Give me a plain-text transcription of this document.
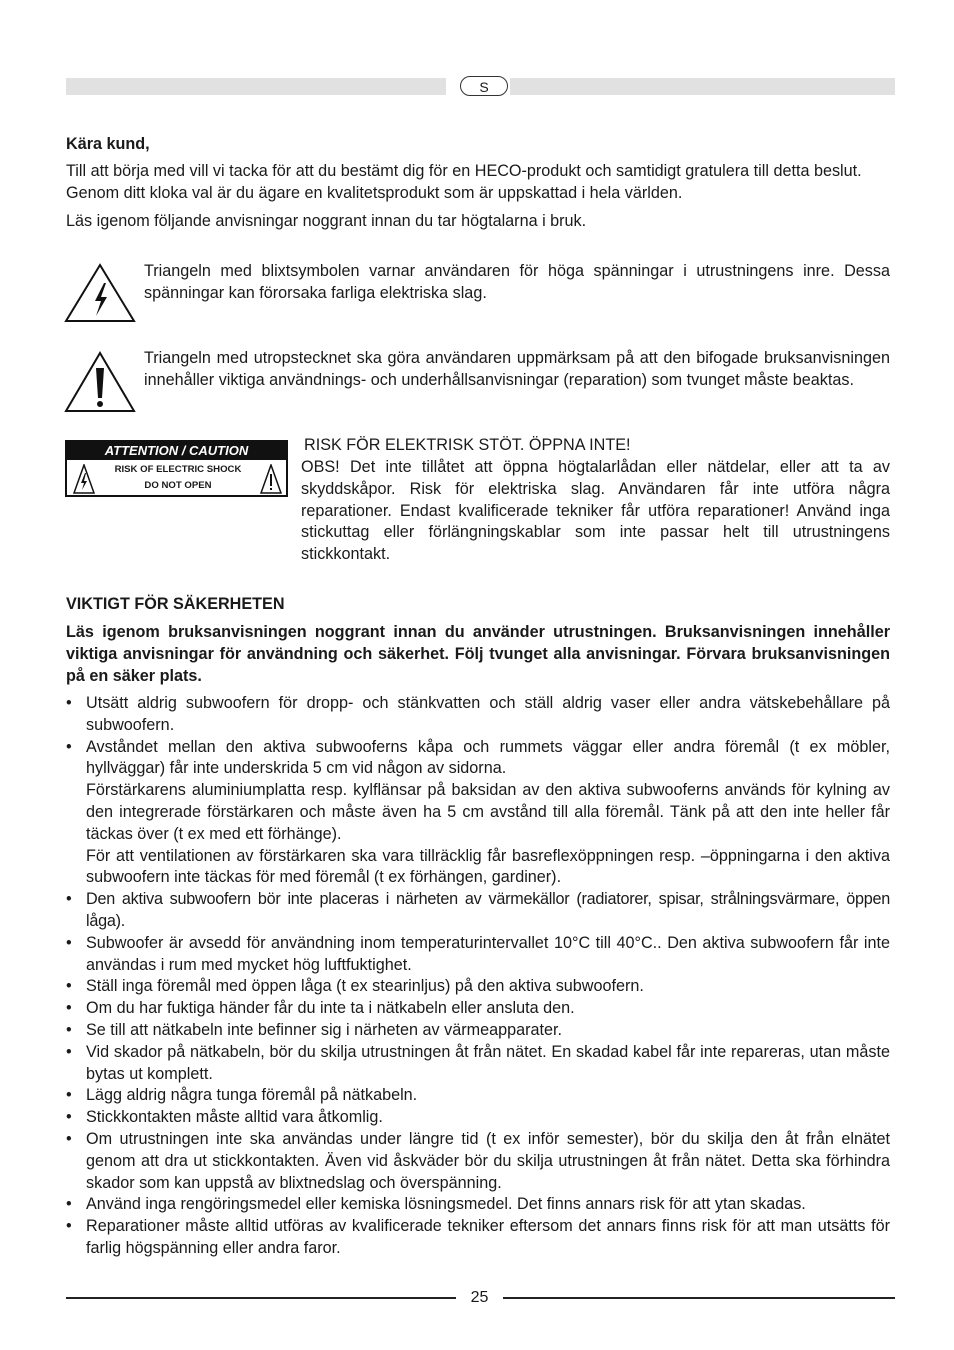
S

Kära kund,

Till att börja med vill vi tacka för att du bestämt dig för en HECO-produkt och samtidigt gratulera till detta beslut. Genom ditt kloka val är du ägare en kvalitetsprodukt som är uppskattad i hela världen.

Läs igenom följande anvisningar noggrant innan du tar högtalarna i bruk.

Triangeln med blixtsymbolen varnar användaren för höga spänningar i utrustningens inre. Dessa spänningar kan förorsaka farliga elektriska slag.

Triangeln med utropstecknet ska göra användaren uppmärksam på att den bifogade bruksanvisningen innehåller viktiga användnings- och underhållsanvisningar (reparation) som tvunget måste beaktas.

ATTENTION / CAUTION
RISK OF ELECTRIC SHOCK
DO NOT OPEN

RISK FÖR ELEKTRISK STÖT. ÖPPNA INTE!

OBS! Det inte tillåtet att öppna högtalarlådan eller nätdelar, eller att ta av skyddskåpor. Risk för elektriska slag. Användaren får inte utföra några reparationer. Endast kvalificerade tekniker får utföra reparationer! Använd inga stickuttag eller förlängningskablar som inte passar helt till utrustningens stickkontakt.

VIKTIGT FÖR SÄKERHETEN

Läs igenom bruksanvisningen noggrant innan du använder utrustningen. Bruksanvisningen innehåller viktiga anvisningar för användning och säkerhet. Följ tvunget alla anvisningar. Förvara bruksanvisningen på en säker plats.

• Utsätt aldrig subwoofern för dropp- och stänkvatten och ställ aldrig vaser eller andra vätskebehållare på subwoofern.
• Avståndet mellan den aktiva subwooferns kåpa och rummets väggar eller andra föremål (t ex möbler, hyllväggar) får inte underskrida 5 cm vid någon av sidorna.
Förstärkarens aluminiumplatta resp. kylflänsar på baksidan av den aktiva subwooferns används för kylning av den integrerade förstärkaren och måste även ha 5 cm avstånd till alla föremål. Tänk på att den inte heller får täckas över (t ex med ett förhänge).
För att ventilationen av förstärkaren ska vara tillräcklig får basreflexöppningen resp. –öppningarna i den aktiva subwoofern inte täckas för med föremål (t ex förhängen, gardiner).
• Den aktiva subwoofern bör inte placeras i närheten av värmekällor (radiatorer, spisar, strålningsvärmare, öppen låga).
• Subwoofer är avsedd för användning inom temperaturintervallet 10°C till 40°C.. Den aktiva subwoofern får inte användas i rum med mycket hög luftfuktighet.
• Ställ inga föremål med öppen låga (t ex stearinljus) på den aktiva subwoofern.
• Om du har fuktiga händer får du inte ta i nätkabeln eller ansluta den.
• Se till att nätkabeln inte befinner sig i närheten av värmeapparater.
• Vid skador på nätkabeln, bör du skilja utrustningen åt från nätet. En skadad kabel får inte repareras, utan måste bytas ut komplett.
• Lägg aldrig några tunga föremål på nätkabeln.
• Stickkontakten måste alltid vara åtkomlig.
• Om utrustningen inte ska användas under längre tid (t ex inför semester), bör du skilja den åt från elnätet genom att dra ut stickkontakten. Även vid åskväder bör du skilja utrustningen åt från nätet. Detta ska förhindra skador som kan uppstå av blixtnedslag och överspänning.
• Använd inga rengöringsmedel eller kemiska lösningsmedel. Det finns annars risk för att ytan skadas.
• Reparationer måste alltid utföras av kvalificerade tekniker eftersom det annars finns risk för att man utsätts för farlig högspänning eller andra faror.
25
